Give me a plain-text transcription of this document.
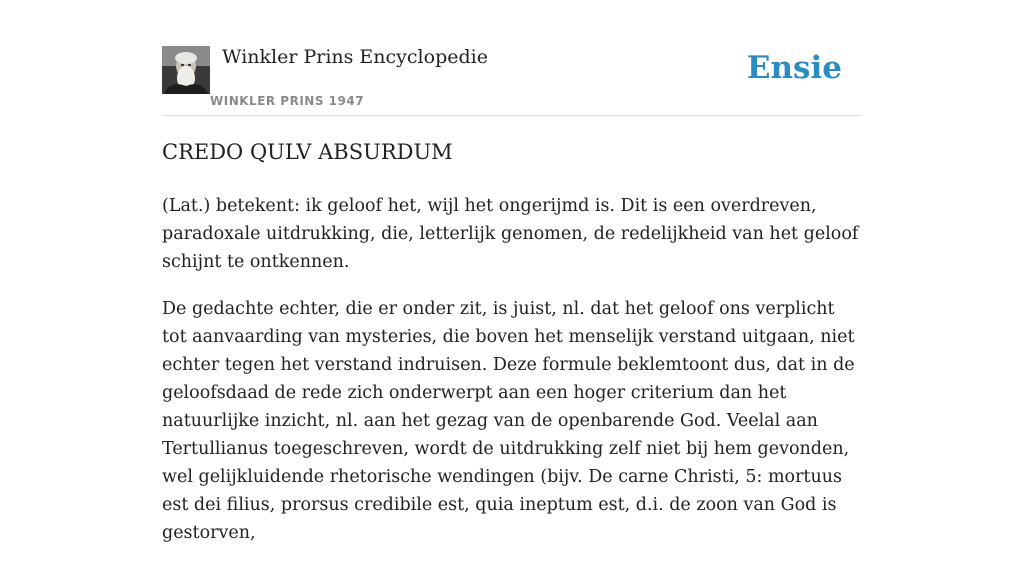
Winkler Prins Encyclopedie
WINKLER PRINS 1947
Ensie
CREDO QULV ABSURDUM

(Lat.) betekent: ik geloof het, wijl het ongerijmd is. Dit is een overdreven, paradoxale uitdrukking, die, letterlijk genomen, de redelijkheid van het geloof schijnt te ontkennen.

De gedachte echter, die er onder zit, is juist, nl. dat het geloof ons verplicht tot aanvaarding van mysteries, die boven het menselijk verstand uitgaan, niet echter tegen het verstand indruisen. Deze formule beklemtoont dus, dat in de geloofsdaad de rede zich onderwerpt aan een hoger criterium dan het natuurlijke inzicht, nl. aan het gezag van de openbarende God. Veelal aan Tertullianus toegeschreven, wordt de uitdrukking zelf niet bij hem gevonden, wel gelijkluidende rhetorische wendingen (bijv. De carne Christi, 5: mortuus est dei filius, prorsus credibile est, quia ineptum est, d.i. de zoon van God is gestorven,
